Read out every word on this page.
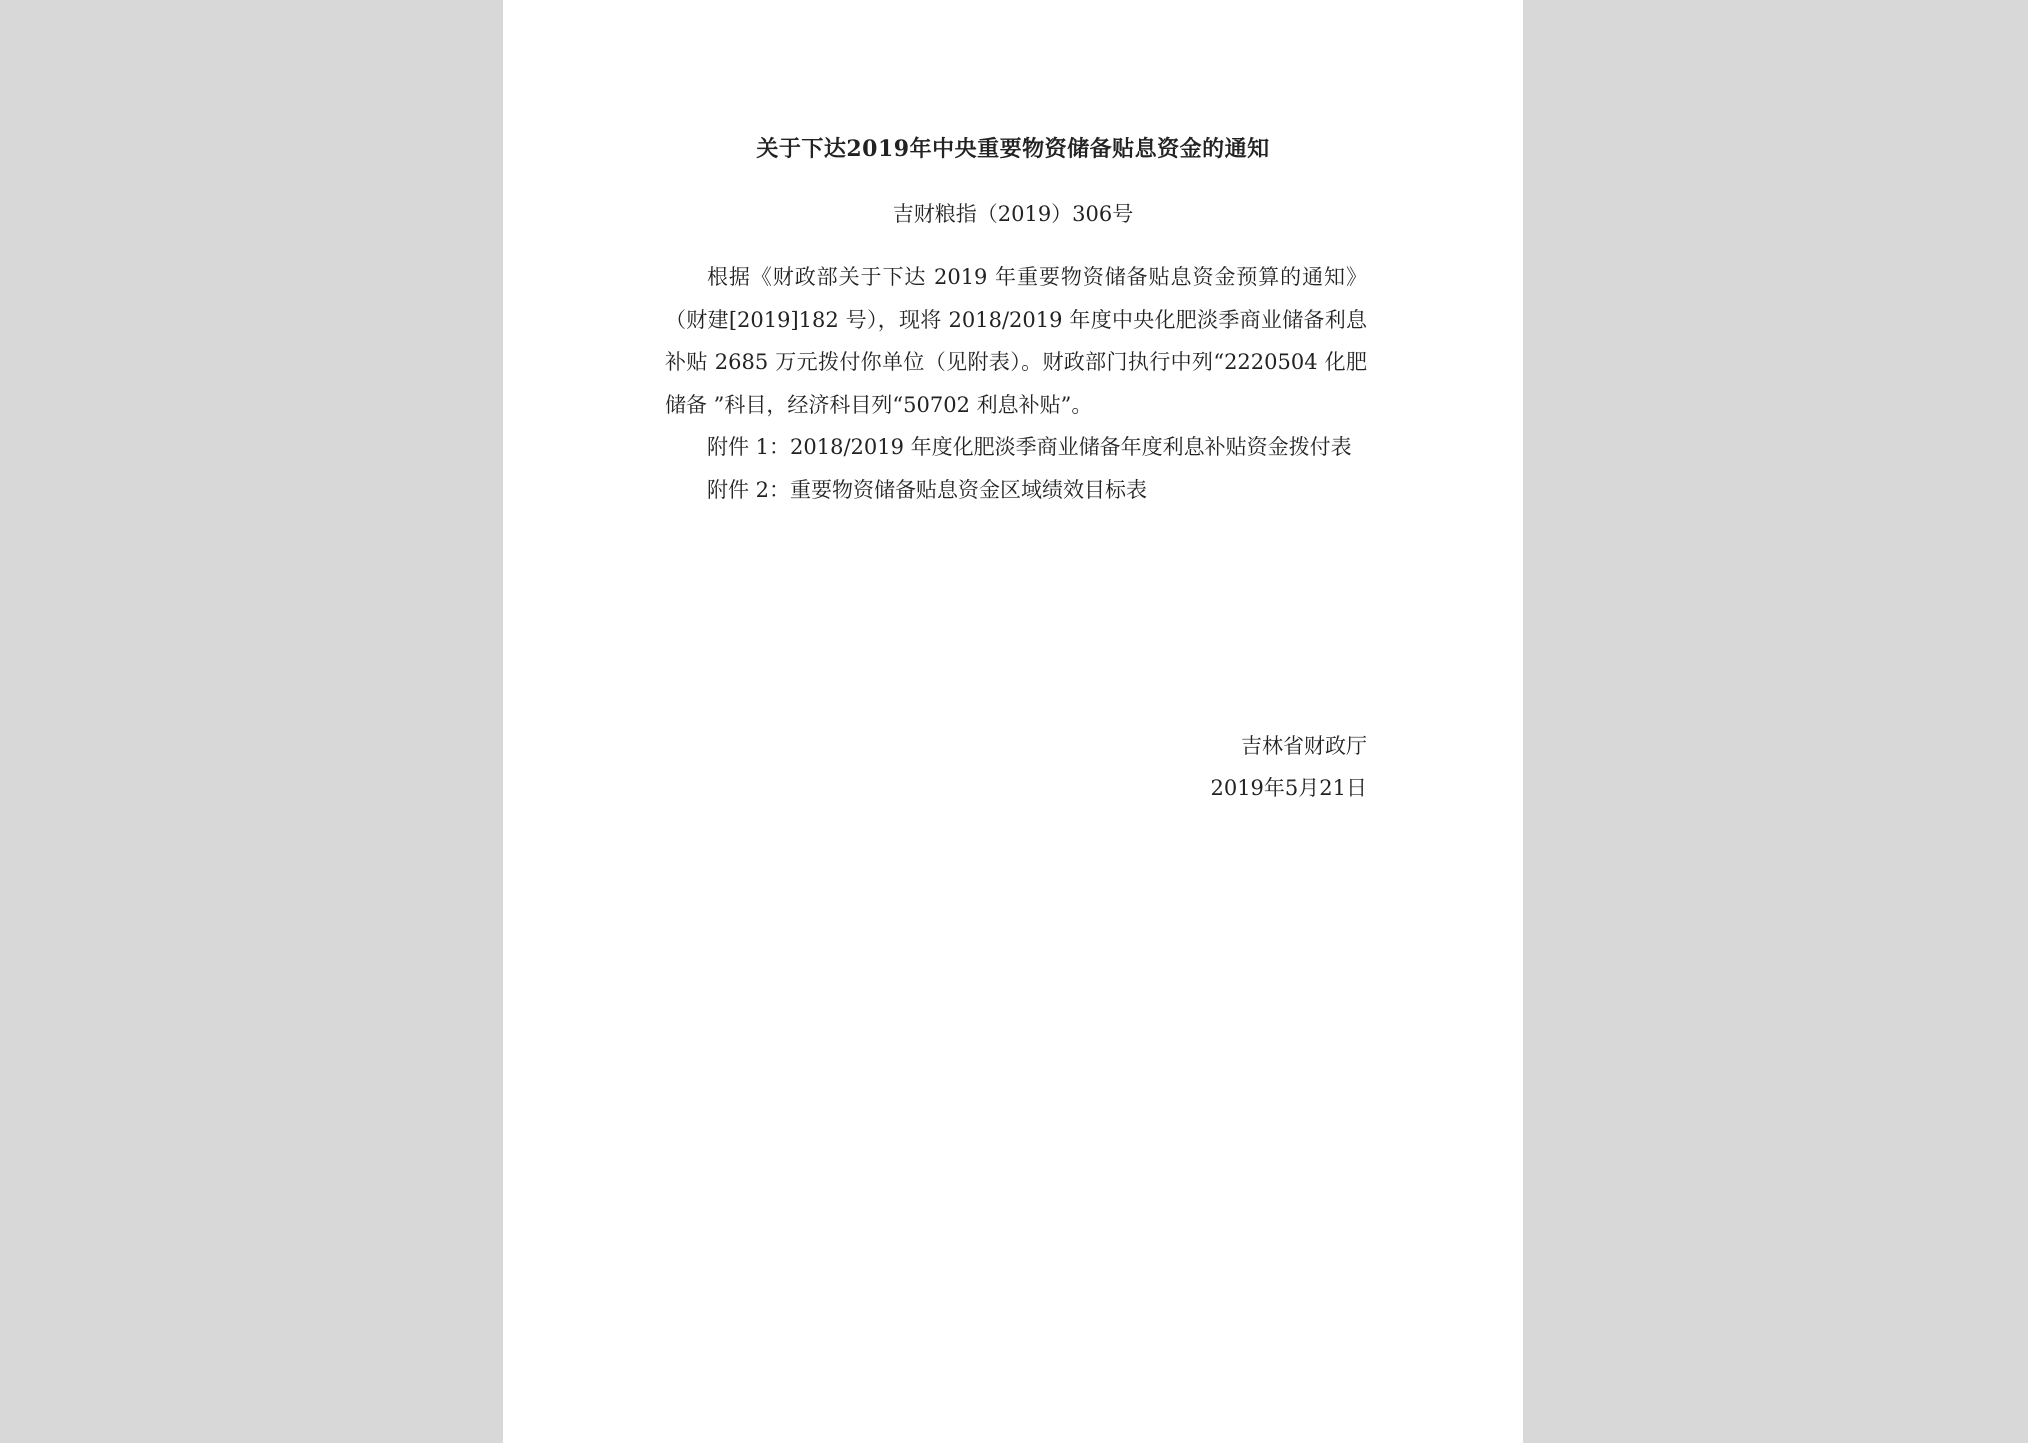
关于下达2019年中央重要物资储备贴息资金的通知
吉财粮指（2019）306号

根据《财政部关于下达 2019 年重要物资储备贴息资金预算的通知》（财建[2019]182 号），现将 2018/2019 年度中央化肥淡季商业储备利息补贴 2685 万元拨付你单位（见附表）。财政部门执行中列“2220504 化肥储备 ”科目，经济科目列“50702 利息补贴”。

附件 1：2018/2019 年度化肥淡季商业储备年度利息补贴资金拨付表

附件 2：重要物资储备贴息资金区域绩效目标表

吉林省财政厅
2019年5月21日
